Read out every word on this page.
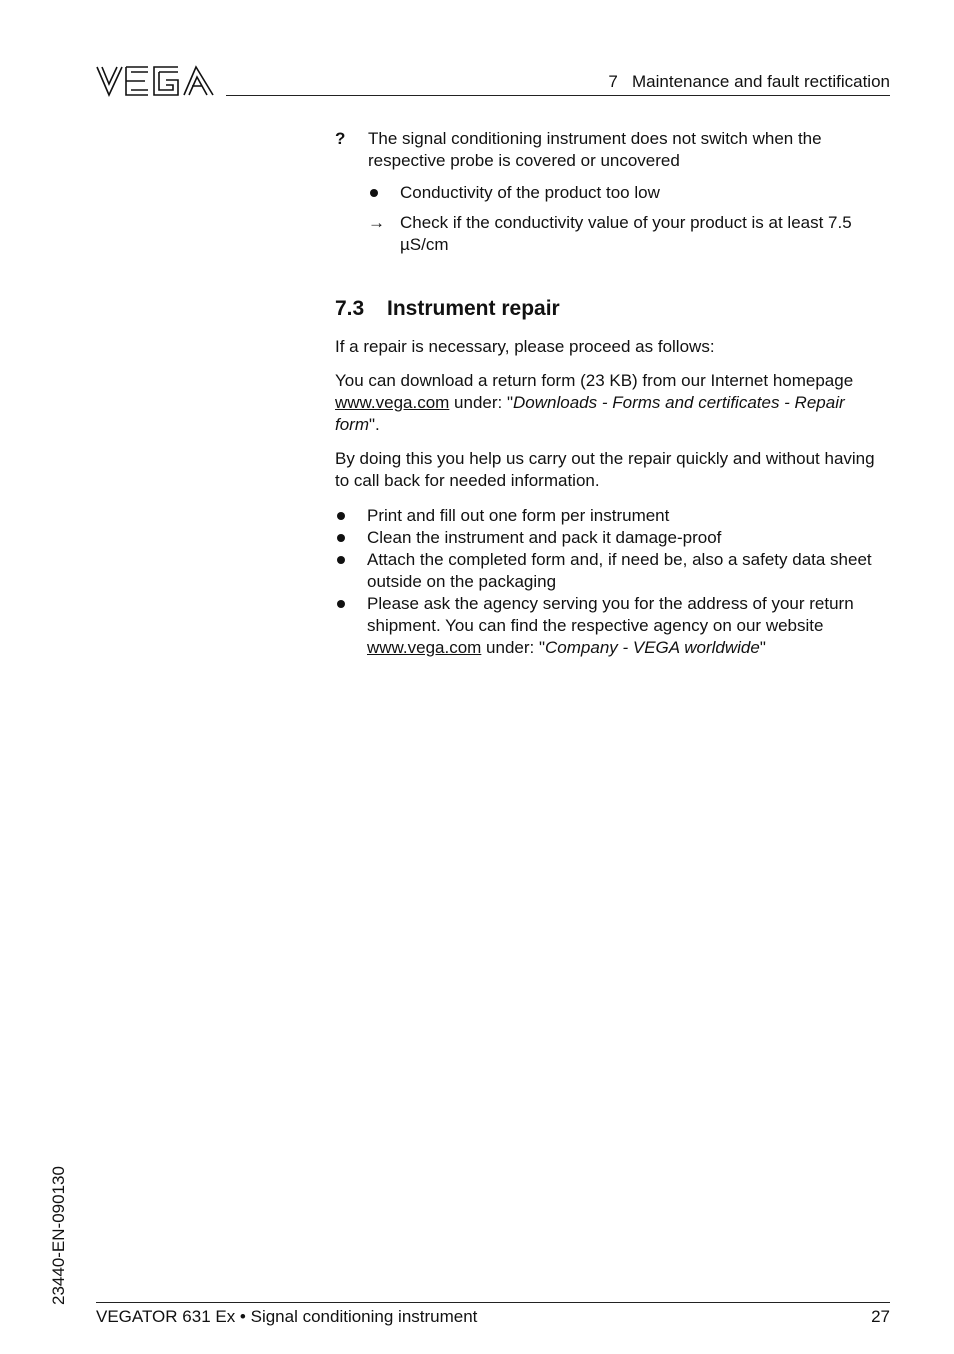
7   Maintenance and fault rectification
? The signal conditioning instrument does not switch when the respective probe is covered or uncovered
Conductivity of the product too low
→ Check if the conductivity value of your product is at least 7.5 µS/cm
7.3 Instrument repair

If a repair is necessary, please proceed as follows:

You can download a return form (23 KB) from our Internet homepage www.vega.com under: "Downloads - Forms and certificates - Repair form".

By doing this you help us carry out the repair quickly and without having to call back for needed information.

Print and fill out one form per instrument
Clean the instrument and pack it damage-proof
Attach the completed form and, if need be, also a safety data sheet outside on the packaging
Please ask the agency serving you for the address of your return shipment. You can find the respective agency on our website www.vega.com under: "Company - VEGA worldwide"
23440-EN-090130
VEGATOR 631 Ex • Signal conditioning instrument	27
